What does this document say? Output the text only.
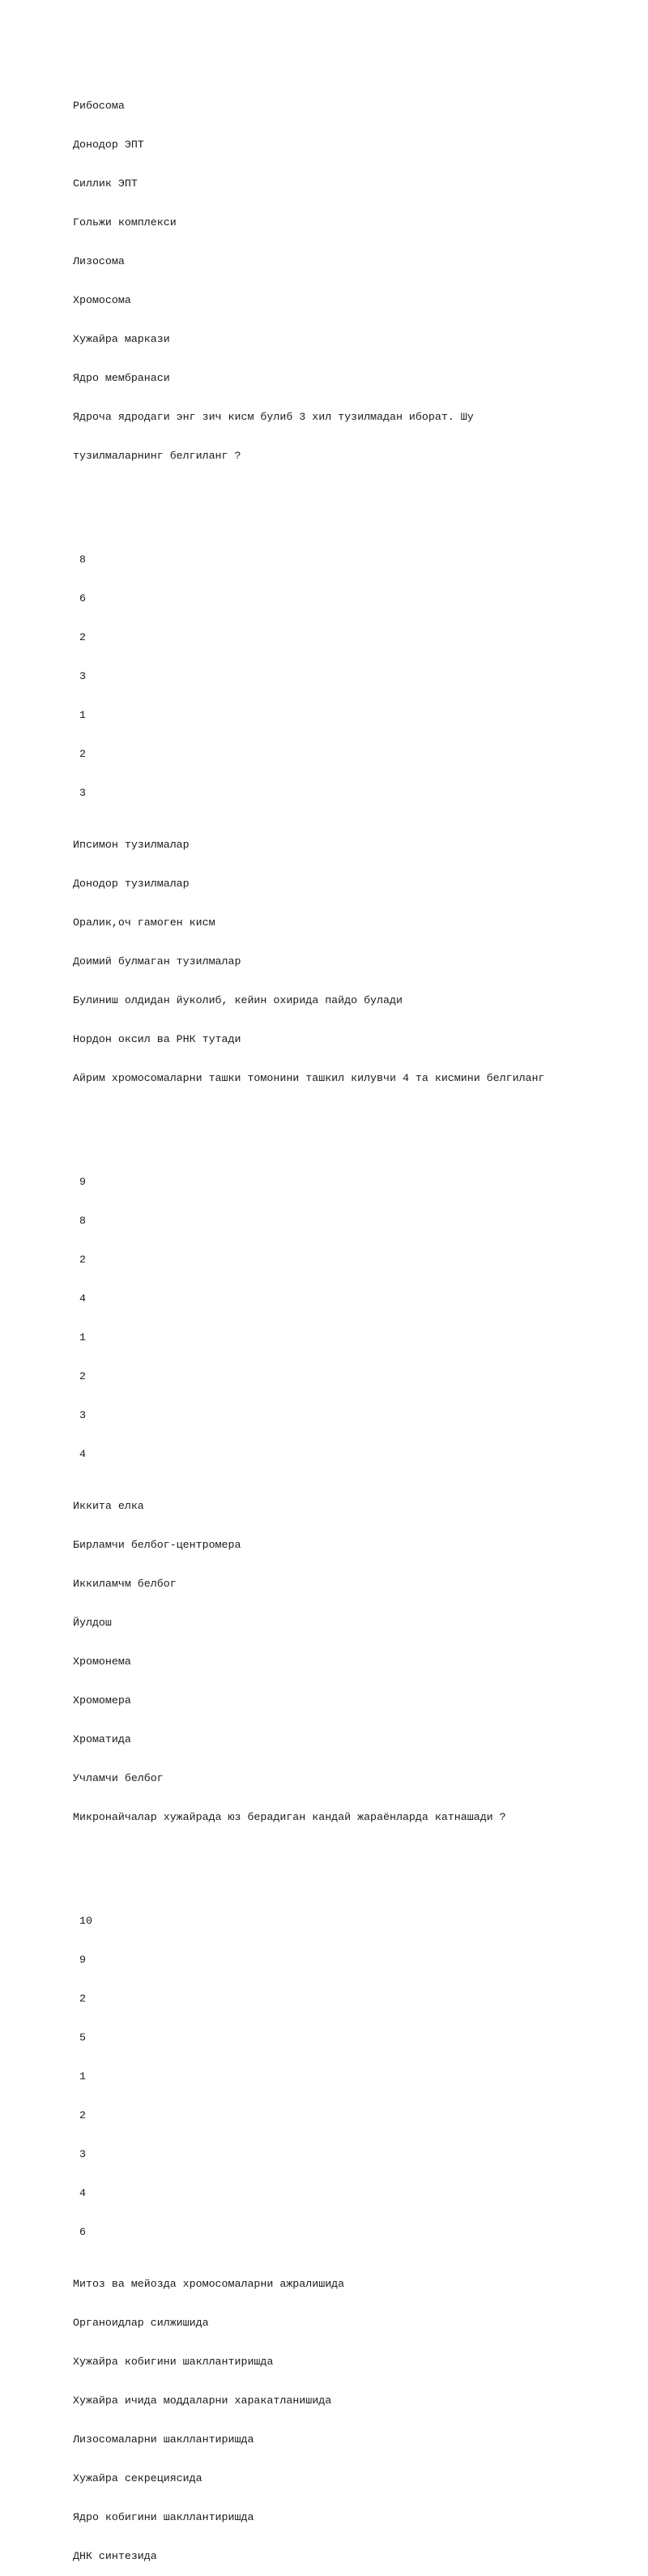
Рибосома

Донодор ЭПТ

Силлик ЭПТ

Гольжи комплекси

Лизосома

Хромосома

Хужайра маркази

Ядро мембранаси

Ядроча ядродаги энг зич кисм булиб 3 хил тузилмадан иборат. Шу

тузилмаларнинг белгиланг ?

8

6

2

3

1

2

3

Ипсимон тузилмалар

Донодор тузилмалар

Оралик,оч гамоген кисм

Доимий булмаган тузилмалар

Булиниш олдидан йуколиб, кейин охирида пайдо булади

Нордон оксил ва РНК тутади

Айрим хромосомаларни ташки томонини ташкил килувчи 4 та кисмини белгиланг

9

8

2

4

1

2

3

4

Иккита елка

Бирламчи белбог-центромера

Иккиламчм белбог

Йулдош

Хромонема

Хромомера

Хроматида

Учламчи белбог

Микронайчалар хужайрада юз берадиган кандай жараёнларда катнашади ?

10

9

2

5

1

2

3

4

6

Митоз ва мейозда хромосомаларни ажралишида

Органоидлар силжишида

Хужайра кобигини шакллантиришда

Хужайра ичида моддаларни харакатланишида

Лизосомаларни шакллантиришда

Хужайра секрециясида

Ядро кобигини шакллантиришда

ДНК синтезида
